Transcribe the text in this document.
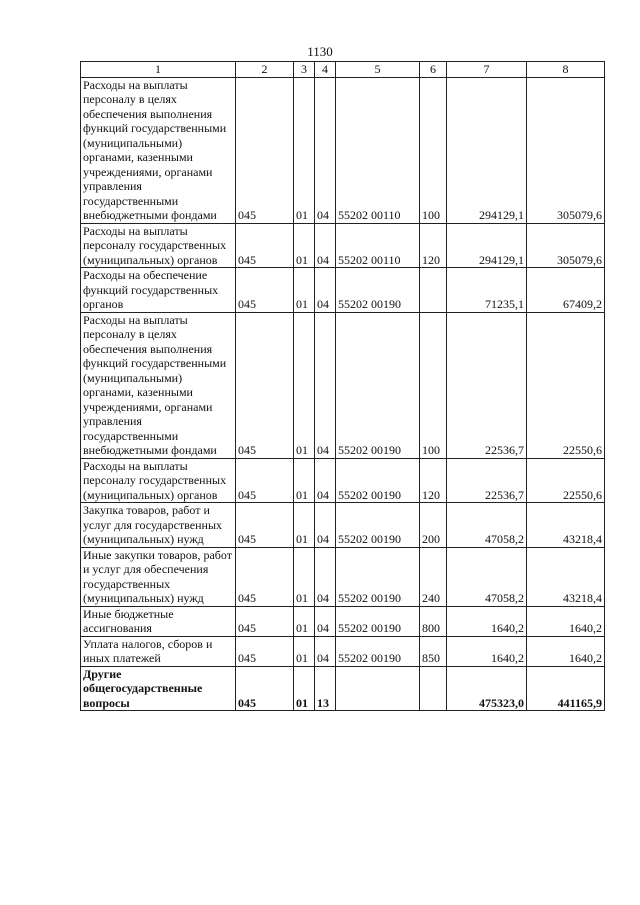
1130
1	2	3	4	5	6	7	8
Расходы на выплаты персоналу в целях обеспечения выполнения функций государственными (муниципальными) органами, казенными учреждениями, органами управления государственными внебюджетными фондами	045	01	04	55202 00110	100	294129,1	305079,6
Расходы на выплаты персоналу государственных (муниципальных) органов	045	01	04	55202 00110	120	294129,1	305079,6
Расходы на обеспечение функций государственных органов	045	01	04	55202 00190		71235,1	67409,2
Расходы на выплаты персоналу в целях обеспечения выполнения функций государственными (муниципальными) органами, казенными учреждениями, органами управления государственными внебюджетными фондами	045	01	04	55202 00190	100	22536,7	22550,6
Расходы на выплаты персоналу государственных (муниципальных) органов	045	01	04	55202 00190	120	22536,7	22550,6
Закупка товаров, работ и услуг для государственных (муниципальных) нужд	045	01	04	55202 00190	200	47058,2	43218,4
Иные закупки товаров, работ и услуг для обеспечения государственных (муниципальных) нужд	045	01	04	55202 00190	240	47058,2	43218,4
Иные бюджетные ассигнования	045	01	04	55202 00190	800	1640,2	1640,2
Уплата налогов, сборов и иных платежей	045	01	04	55202 00190	850	1640,2	1640,2
Другие общегосударственные вопросы	045	01	13			475323,0	441165,9
